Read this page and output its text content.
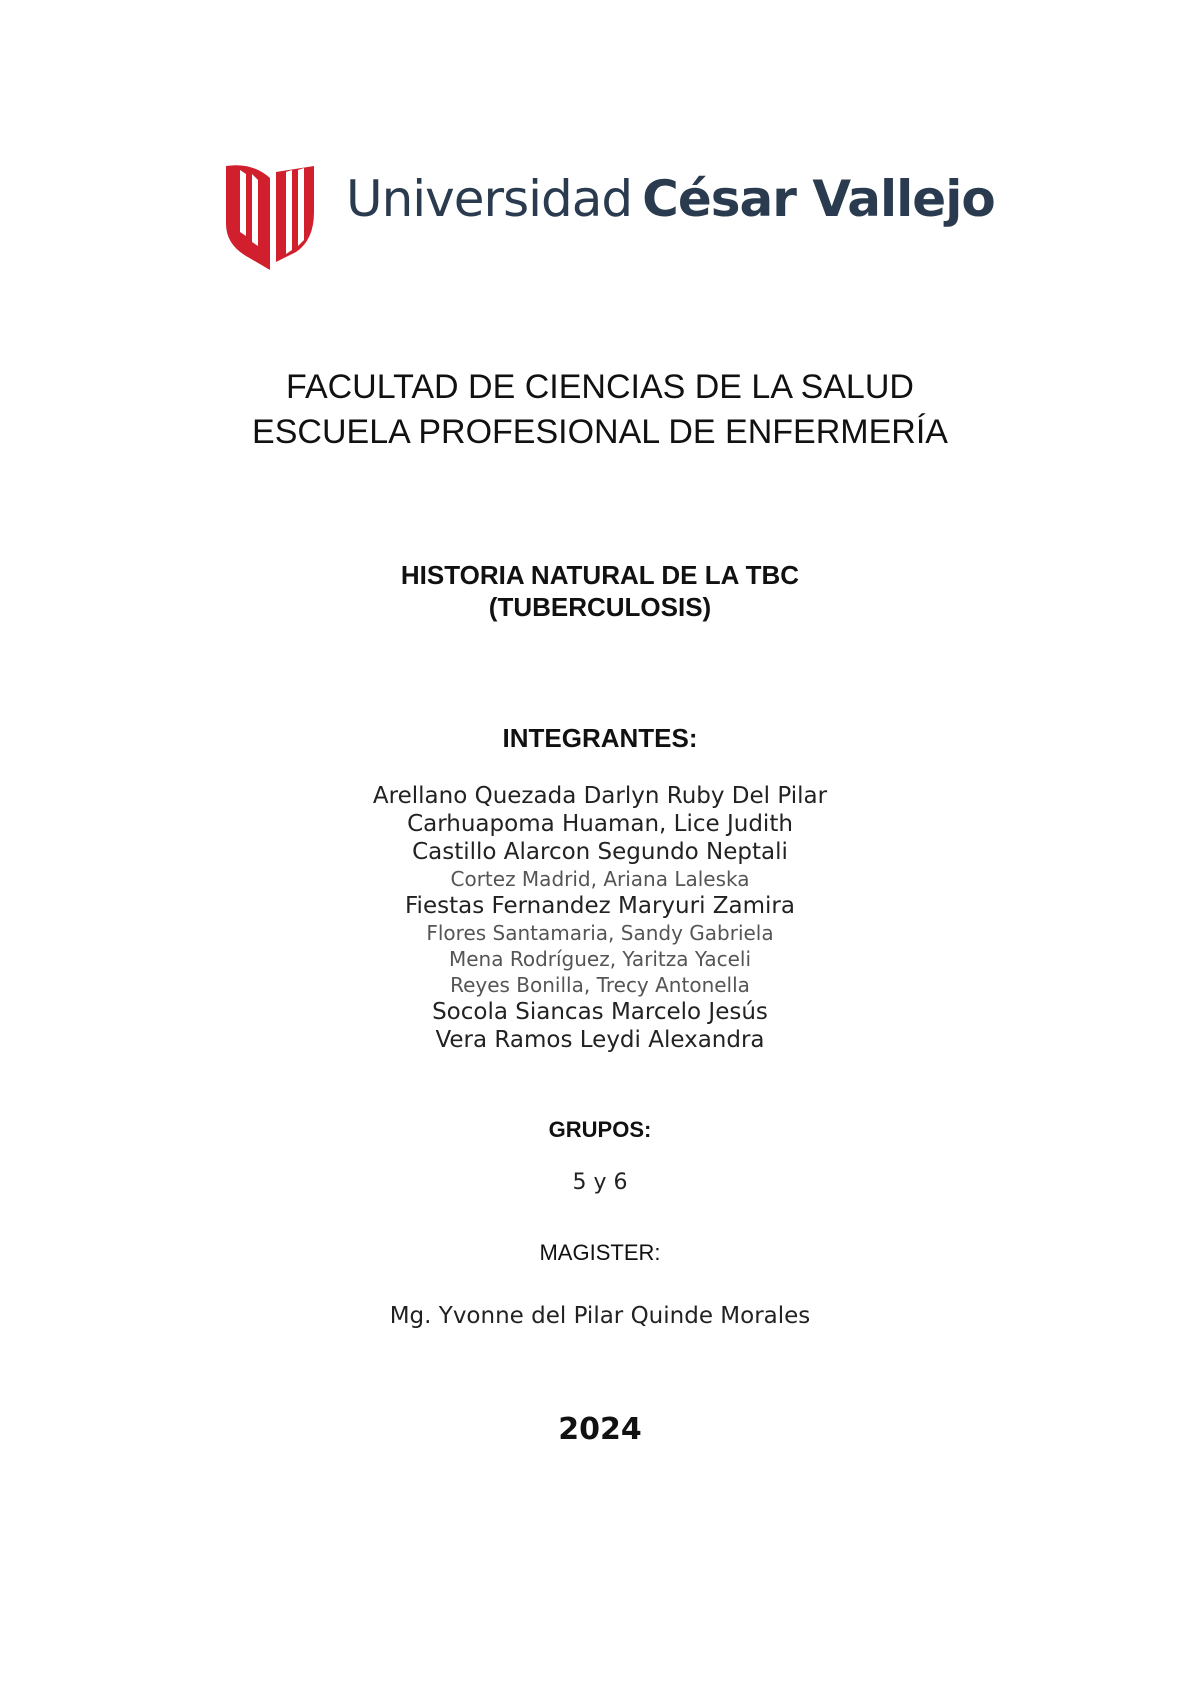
Universidad César Vallejo
FACULTAD DE CIENCIAS DE LA SALUD
ESCUELA PROFESIONAL DE ENFERMERÍA
HISTORIA NATURAL DE LA TBC
(TUBERCULOSIS)
INTEGRANTES:
Arellano Quezada Darlyn Ruby Del Pilar
Carhuapoma Huaman, Lice Judith
Castillo Alarcon Segundo Neptali
Cortez Madrid, Ariana Laleska
Fiestas Fernandez Maryuri Zamira
Flores Santamaria, Sandy Gabriela
Mena Rodríguez, Yaritza Yaceli
Reyes Bonilla, Trecy Antonella
Socola Siancas Marcelo Jesús
Vera Ramos Leydi Alexandra
GRUPOS:
5 y 6
MAGISTER:
Mg. Yvonne del Pilar Quinde Morales
2024
